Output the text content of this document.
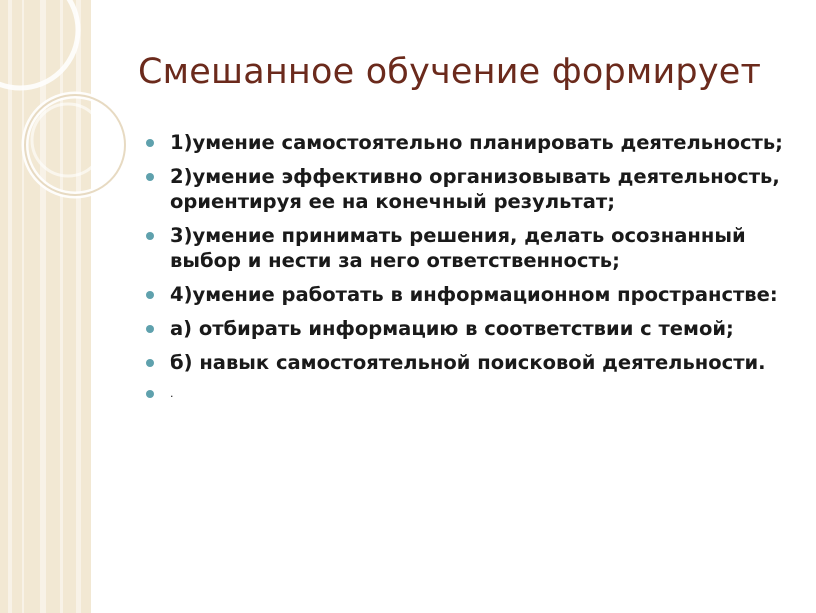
Смешанное обучение формирует
1)умение самостоятельно планировать деятельность;
2)умение эффективно организовывать деятельность, ориентируя ее на конечный результат;
3)умение принимать решения, делать осознанный выбор и нести за него ответственность;
4)умение работать в информационном пространстве:
а) отбирать информацию в соответствии с темой;
б) навык самостоятельной поисковой деятельности.
.
